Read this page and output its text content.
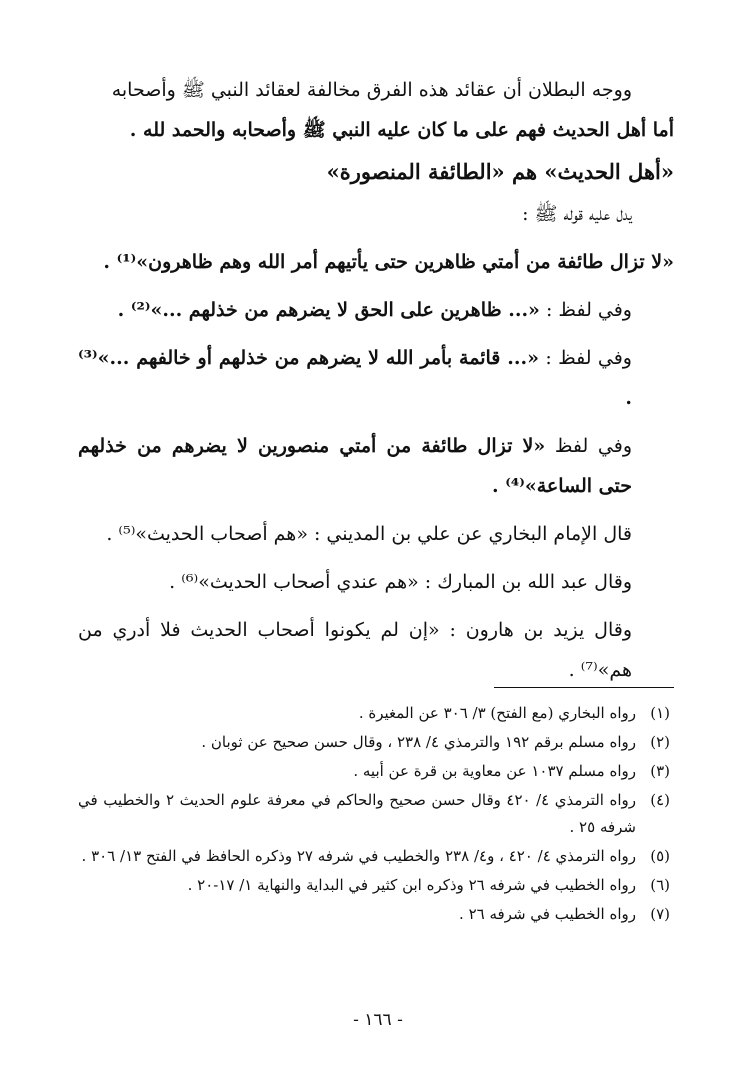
ووجه البطلان أن عقائد هذه الفرق مخالفة لعقائد النبي ﷺ وأصحابه

أما أهل الحديث فهم على ما كان عليه النبي ﷺ وأصحابه والحمد لله .

«أهل الحديث» هم «الطائفة المنصورة»

يدل عليه قوله ﷺ :

«لا تزال طائفة من أمتي ظاهرين حتى يأتيهم أمر الله وهم ظاهرون»⁽¹⁾ .

وفي لفظ : «... ظاهرين على الحق لا يضرهم من خذلهم ...»⁽²⁾ .

وفي لفظ : «... قائمة بأمر الله لا يضرهم من خذلهم أو خالفهم ...»⁽³⁾ .

وفي لفظ «لا تزال طائفة من أمتي منصورين لا يضرهم من خذلهم حتى الساعة»⁽⁴⁾ .

قال الإمام البخاري عن علي بن المديني : «هم أصحاب الحديث»⁽⁵⁾ .

وقال عبد الله بن المبارك : «هم عندي أصحاب الحديث»⁽⁶⁾ .

وقال يزيد بن هارون : «إن لم يكونوا أصحاب الحديث فلا أدري من هم»⁽⁷⁾ .

(١)
رواه البخاري (مع الفتح) ٣/ ٣٠٦ عن المغيرة .
(٢)
رواه مسلم برقم ١٩٢ والترمذي ٤/ ٢٣٨ ، وقال حسن صحيح عن ثوبان .
(٣)
رواه مسلم ١٠٣٧ عن معاوية بن قرة عن أبيه .
(٤)
رواه الترمذي ٤/ ٤٢٠ وقال حسن صحيح والحاكم في معرفة علوم الحديث ٢ والخطيب في شرفه ٢٥ .
(٥)
رواه الترمذي ٤/ ٤٢٠ ، و٤/ ٢٣٨ والخطيب في شرفه ٢٧ وذكره الحافظ في الفتح ١٣/ ٣٠٦ .
(٦)
رواه الخطيب في شرفه ٢٦ وذكره ابن كثير في البداية والنهاية ١/ ١٧-٢٠ .
(٧)
رواه الخطيب في شرفه ٢٦ .
- ١٦٦ -
